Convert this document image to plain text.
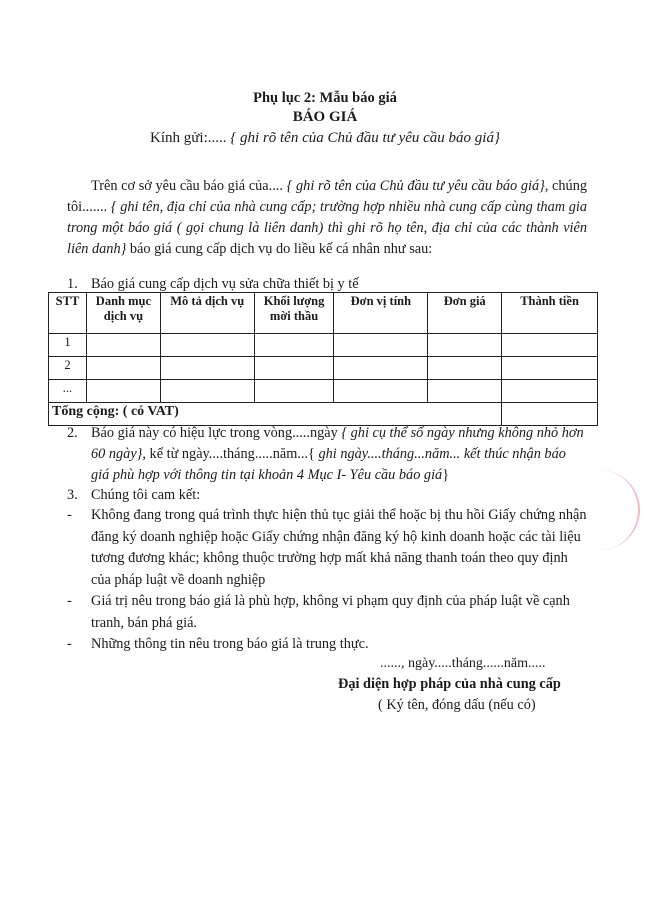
Phụ lục 2: Mẫu báo giá
BÁO GIÁ
Kính gửi:..... { ghi rõ tên của Chủ đầu tư yêu cầu báo giá}
Trên cơ sở yêu cầu báo giá của.... { ghi rõ tên của Chủ đầu tư yêu cầu báo giá}, chúng tôi....... { ghi tên, địa chỉ của nhà cung cấp; trường hợp nhiều nhà cung cấp cùng tham gia trong một báo giá ( gọi chung là liên danh) thì ghi rõ họ tên, địa chỉ của các thành viên liên danh} báo giá cung cấp dịch vụ do liều kế cá nhân như sau:
1. Báo giá cung cấp dịch vụ sửa chữa thiết bị y tế
STT	Danh mục dịch vụ	Mô tả dịch vụ	Khối lượng mời thầu	Đơn vị tính	Đơn giá	Thành tiền
1						
2						
...						
Tổng cộng: ( có VAT)						
2. Báo giá này có hiệu lực trong vòng.....ngày { ghi cụ thể số ngày nhưng không nhỏ hơn 60 ngày}, kể từ ngày....tháng.....năm...{ ghi ngày....tháng...năm... kết thúc nhận báo giá phù hợp với thông tin tại khoản 4 Mục I- Yêu cầu báo giá}
3. Chúng tôi cam kết:
- Không đang trong quá trình thực hiện thủ tục giải thể hoặc bị thu hồi Giấy chứng nhận đăng ký doanh nghiệp hoặc Giấy chứng nhận đăng ký hộ kinh doanh hoặc các tài liệu tương đương khác; không thuộc trường hợp mất khả năng thanh toán theo quy định của pháp luật về doanh nghiệp
- Giá trị nêu trong báo giá là phù hợp, không vi phạm quy định của pháp luật về cạnh tranh, bán phá giá.
- Những thông tin nêu trong báo giá là trung thực.
......, ngày.....tháng......năm.....
Đại diện hợp pháp của nhà cung cấp
( Ký tên, đóng dấu (nếu có)
